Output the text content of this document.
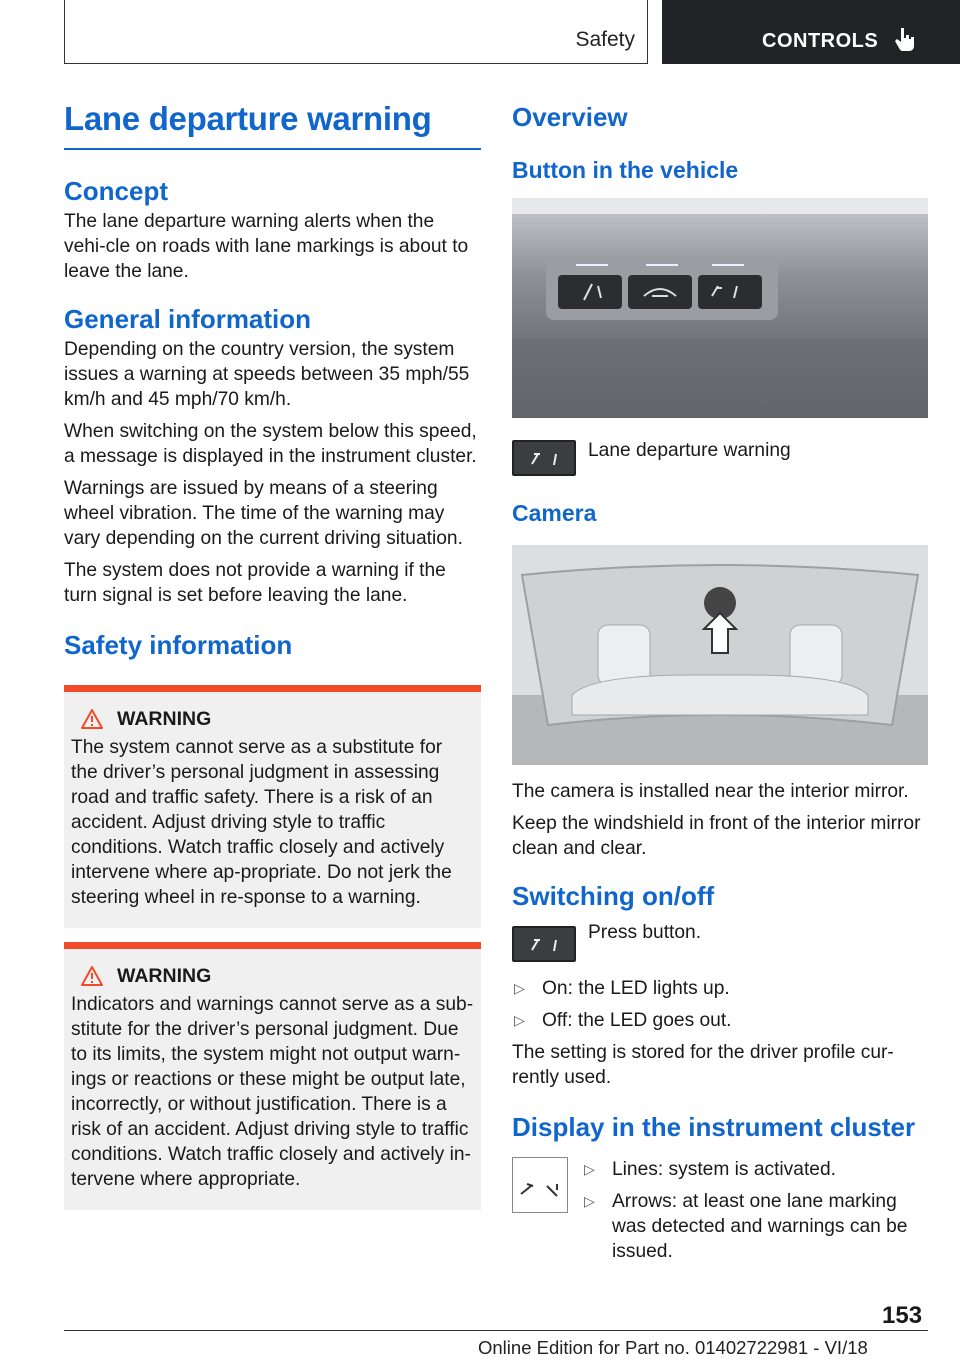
Safety	CONTROLS
Lane departure warning
Concept

The lane departure warning alerts when the vehi-cle on roads with lane markings is about to leave the lane.

General information

Depending on the country version, the system issues a warning at speeds between 35 mph/55 km/h and 45 mph/70 km/h.

When switching on the system below this speed, a message is displayed in the instrument cluster.

Warnings are issued by means of a steering wheel vibration. The time of the warning may vary depending on the current driving situation.

The system does not provide a warning if the turn signal is set before leaving the lane.

Safety information
WARNING

The system cannot serve as a substitute for the driver’s personal judgment in assessing road and traffic safety. There is a risk of an accident. Adjust driving style to traffic conditions. Watch traffic closely and actively intervene where ap-propriate. Do not jerk the steering wheel in re-sponse to a warning.

WARNING

Indicators and warnings cannot serve as a sub-stitute for the driver’s personal judgment. Due to its limits, the system might not output warn-ings or reactions or these might be output late, incorrectly, or without justification. There is a risk of an accident. Adjust driving style to traffic conditions. Watch traffic closely and actively in-tervene where appropriate.

Overview
Button in the vehicle

Lane departure warning

Camera

The camera is installed near the interior mirror.

Keep the windshield in front of the interior mirror clean and clear.

Switching on/off

Press button.

▷ On: the LED lights up.
▷ Off: the LED goes out.

The setting is stored for the driver profile cur-rently used.

Display in the instrument cluster
▷ Lines: system is activated.
▷ Arrows: at least one lane marking was detected and warnings can be issued.
153
Online Edition for Part no. 01402722981 - VI/18
